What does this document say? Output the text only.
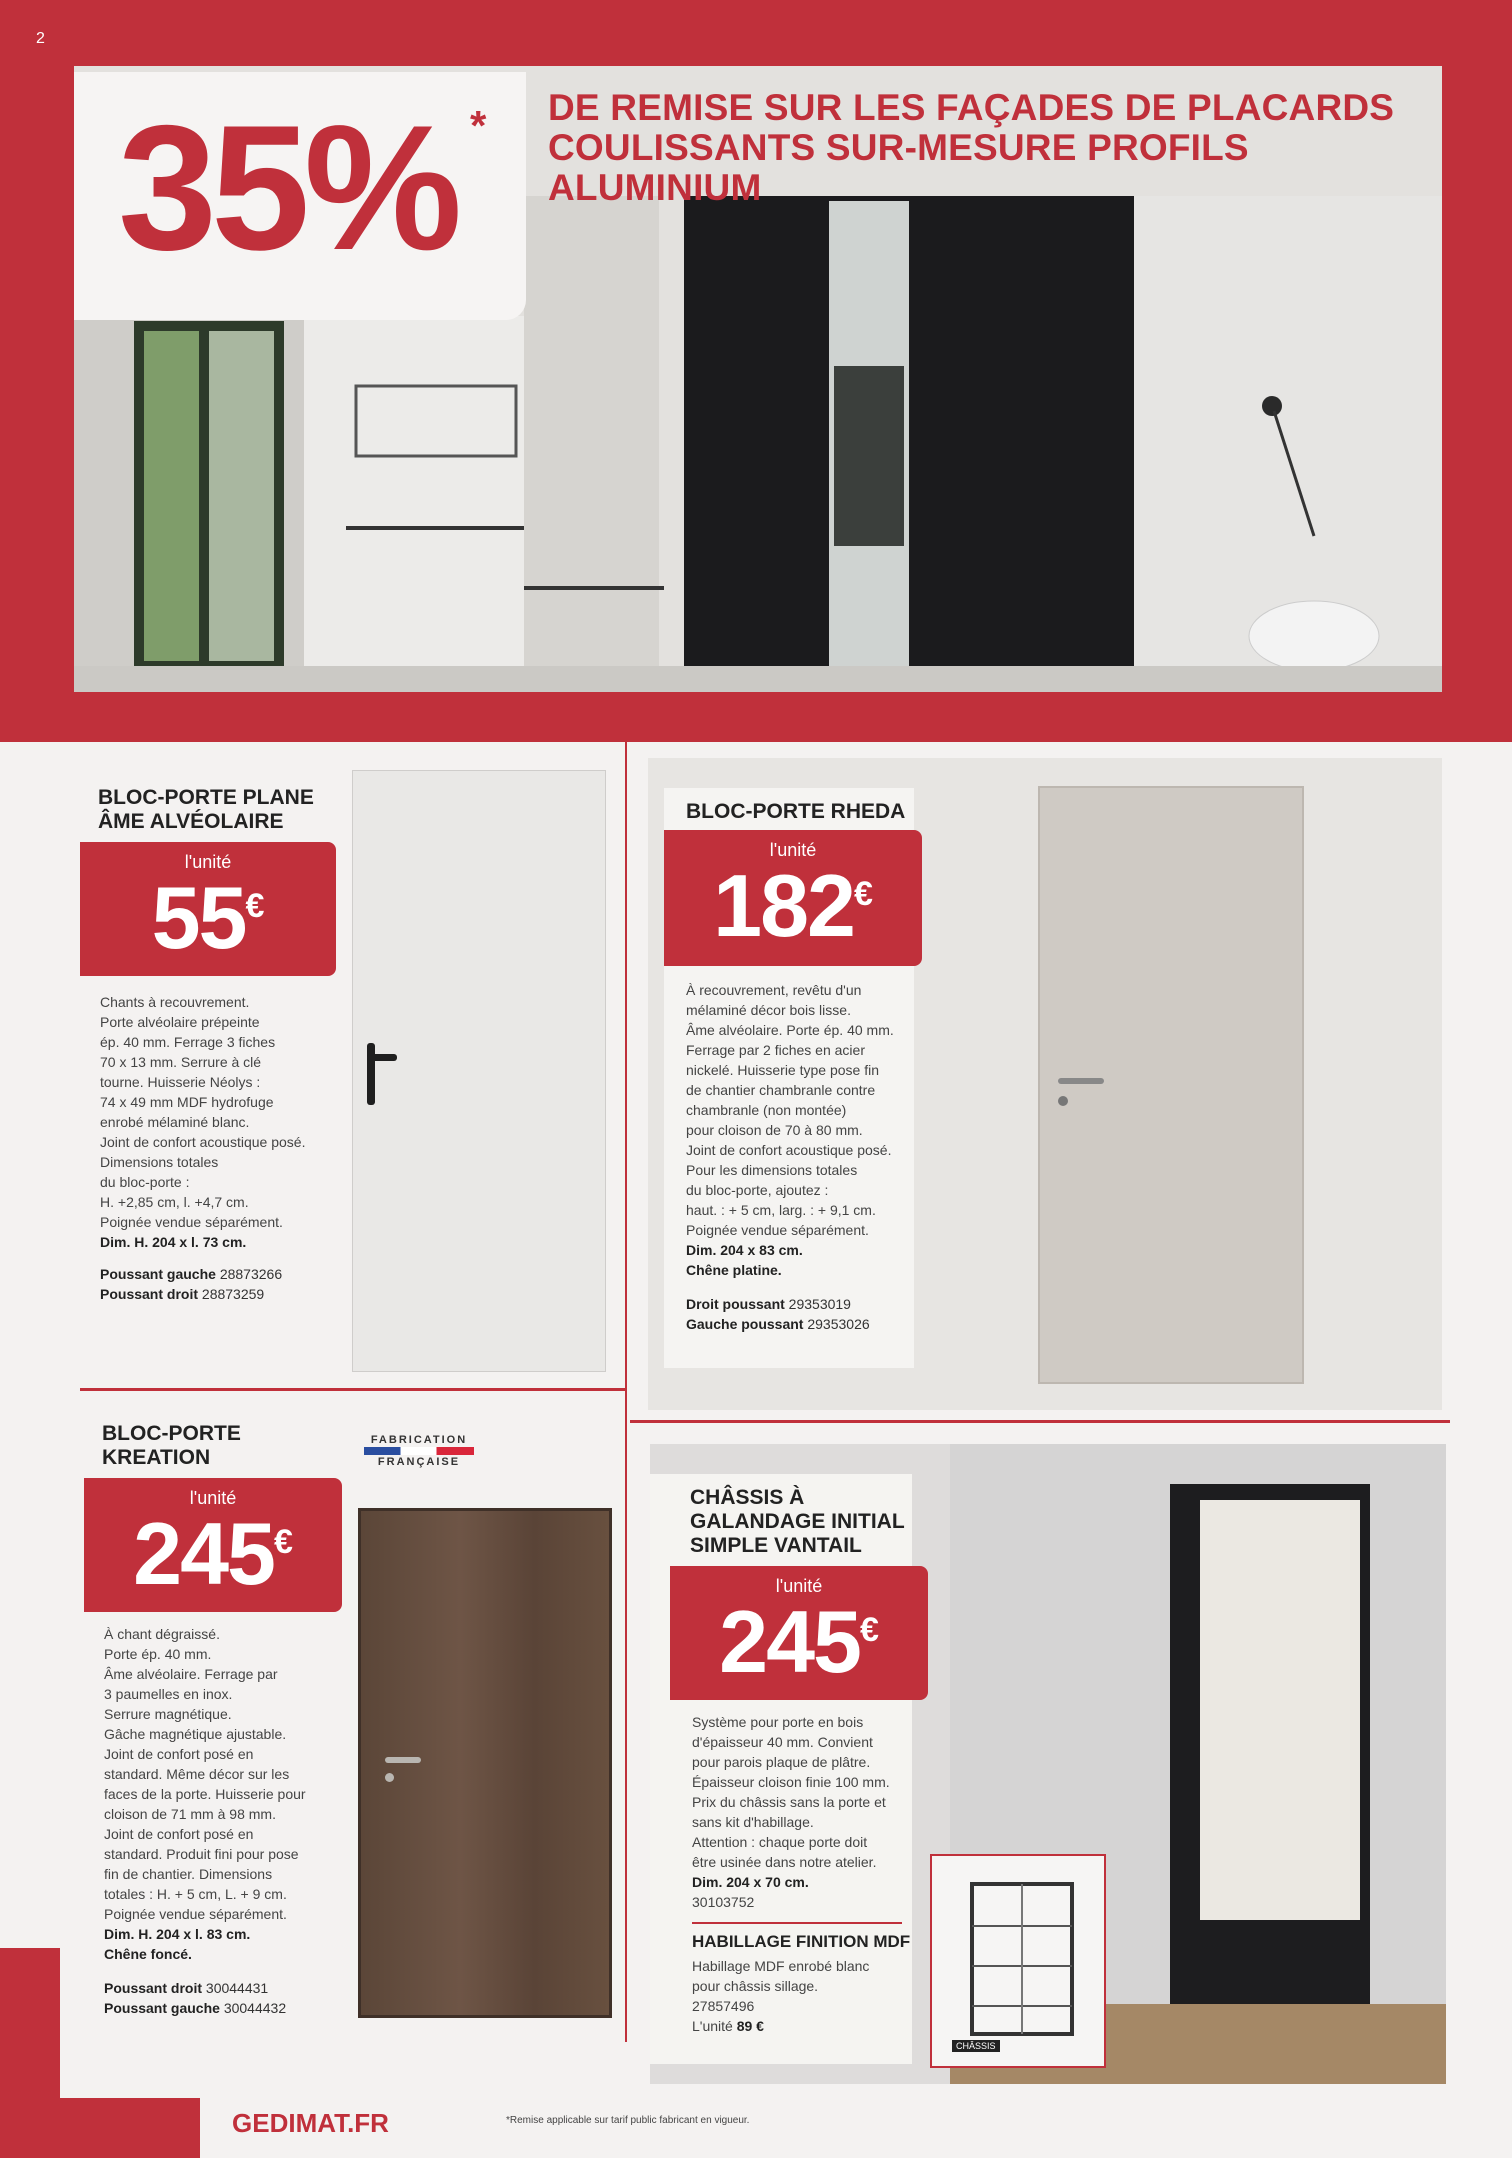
2
35% * DE REMISE SUR LES FAÇADES DE PLACARDS
COULISSANTS SUR-MESURE PROFILS ALUMINIUM
BLOC-PORTE PLANE
ÂME ALVÉOLAIRE
l'unité
55€
Chants à recouvrement.
Porte alvéolaire prépeinte
ép. 40 mm. Ferrage 3 fiches
70 x 13 mm. Serrure à clé
tourne. Huisserie Néolys :
74 x 49 mm MDF hydrofuge
enrobé mélaminé blanc.
Joint de confort acoustique posé.
Dimensions totales
du bloc-porte :
H. +2,85 cm, l. +4,7 cm.
Poignée vendue séparément.
Dim. H. 204 x l. 73 cm.
Poussant gauche 28873266
Poussant droit 28873259
BLOC-PORTE RHEDA
l'unité
182€
À recouvrement, revêtu d'un
mélaminé décor bois lisse.
Âme alvéolaire. Porte ép. 40 mm.
Ferrage par 2 fiches en acier
nickelé. Huisserie type pose fin
de chantier chambranle contre
chambranle (non montée)
pour cloison de 70 à 80 mm.
Joint de confort acoustique posé.
Pour les dimensions totales
du bloc-porte, ajoutez :
haut. : + 5 cm, larg. : + 9,1 cm.
Poignée vendue séparément.
Dim. 204 x 83 cm.
Chêne platine.
Droit poussant 29353019
Gauche poussant 29353026
BLOC-PORTE
KREATION
FABRICATION
FRANÇAISE
l'unité
245€
À chant dégraissé.
Porte ép. 40 mm.
Âme alvéolaire. Ferrage par
3 paumelles en inox.
Serrure magnétique.
Gâche magnétique ajustable.
Joint de confort posé en
standard. Même décor sur les
faces de la porte. Huisserie pour
cloison de 71 mm à 98 mm.
Joint de confort posé en
standard. Produit fini pour pose
fin de chantier. Dimensions
totales : H. + 5 cm, L. + 9 cm.
Poignée vendue séparément.
Dim. H. 204 x l. 83 cm.
Chêne foncé.
Poussant droit 30044431
Poussant gauche 30044432
CHÂSSIS À
GALANDAGE INITIAL
SIMPLE VANTAIL
l'unité
245€
Système pour porte en bois
d'épaisseur 40 mm. Convient
pour parois plaque de plâtre.
Épaisseur cloison finie 100 mm.
Prix du châssis sans la porte et
sans kit d'habillage.
Attention : chaque porte doit
être usinée dans notre atelier.
Dim. 204 x 70 cm.
30103752
HABILLAGE FINITION MDF
Habillage MDF enrobé blanc
pour châssis sillage.
27857496
L'unité 89 €
CHÂSSIS
GEDIMAT.FR	*Remise applicable sur tarif public fabricant en vigueur.
